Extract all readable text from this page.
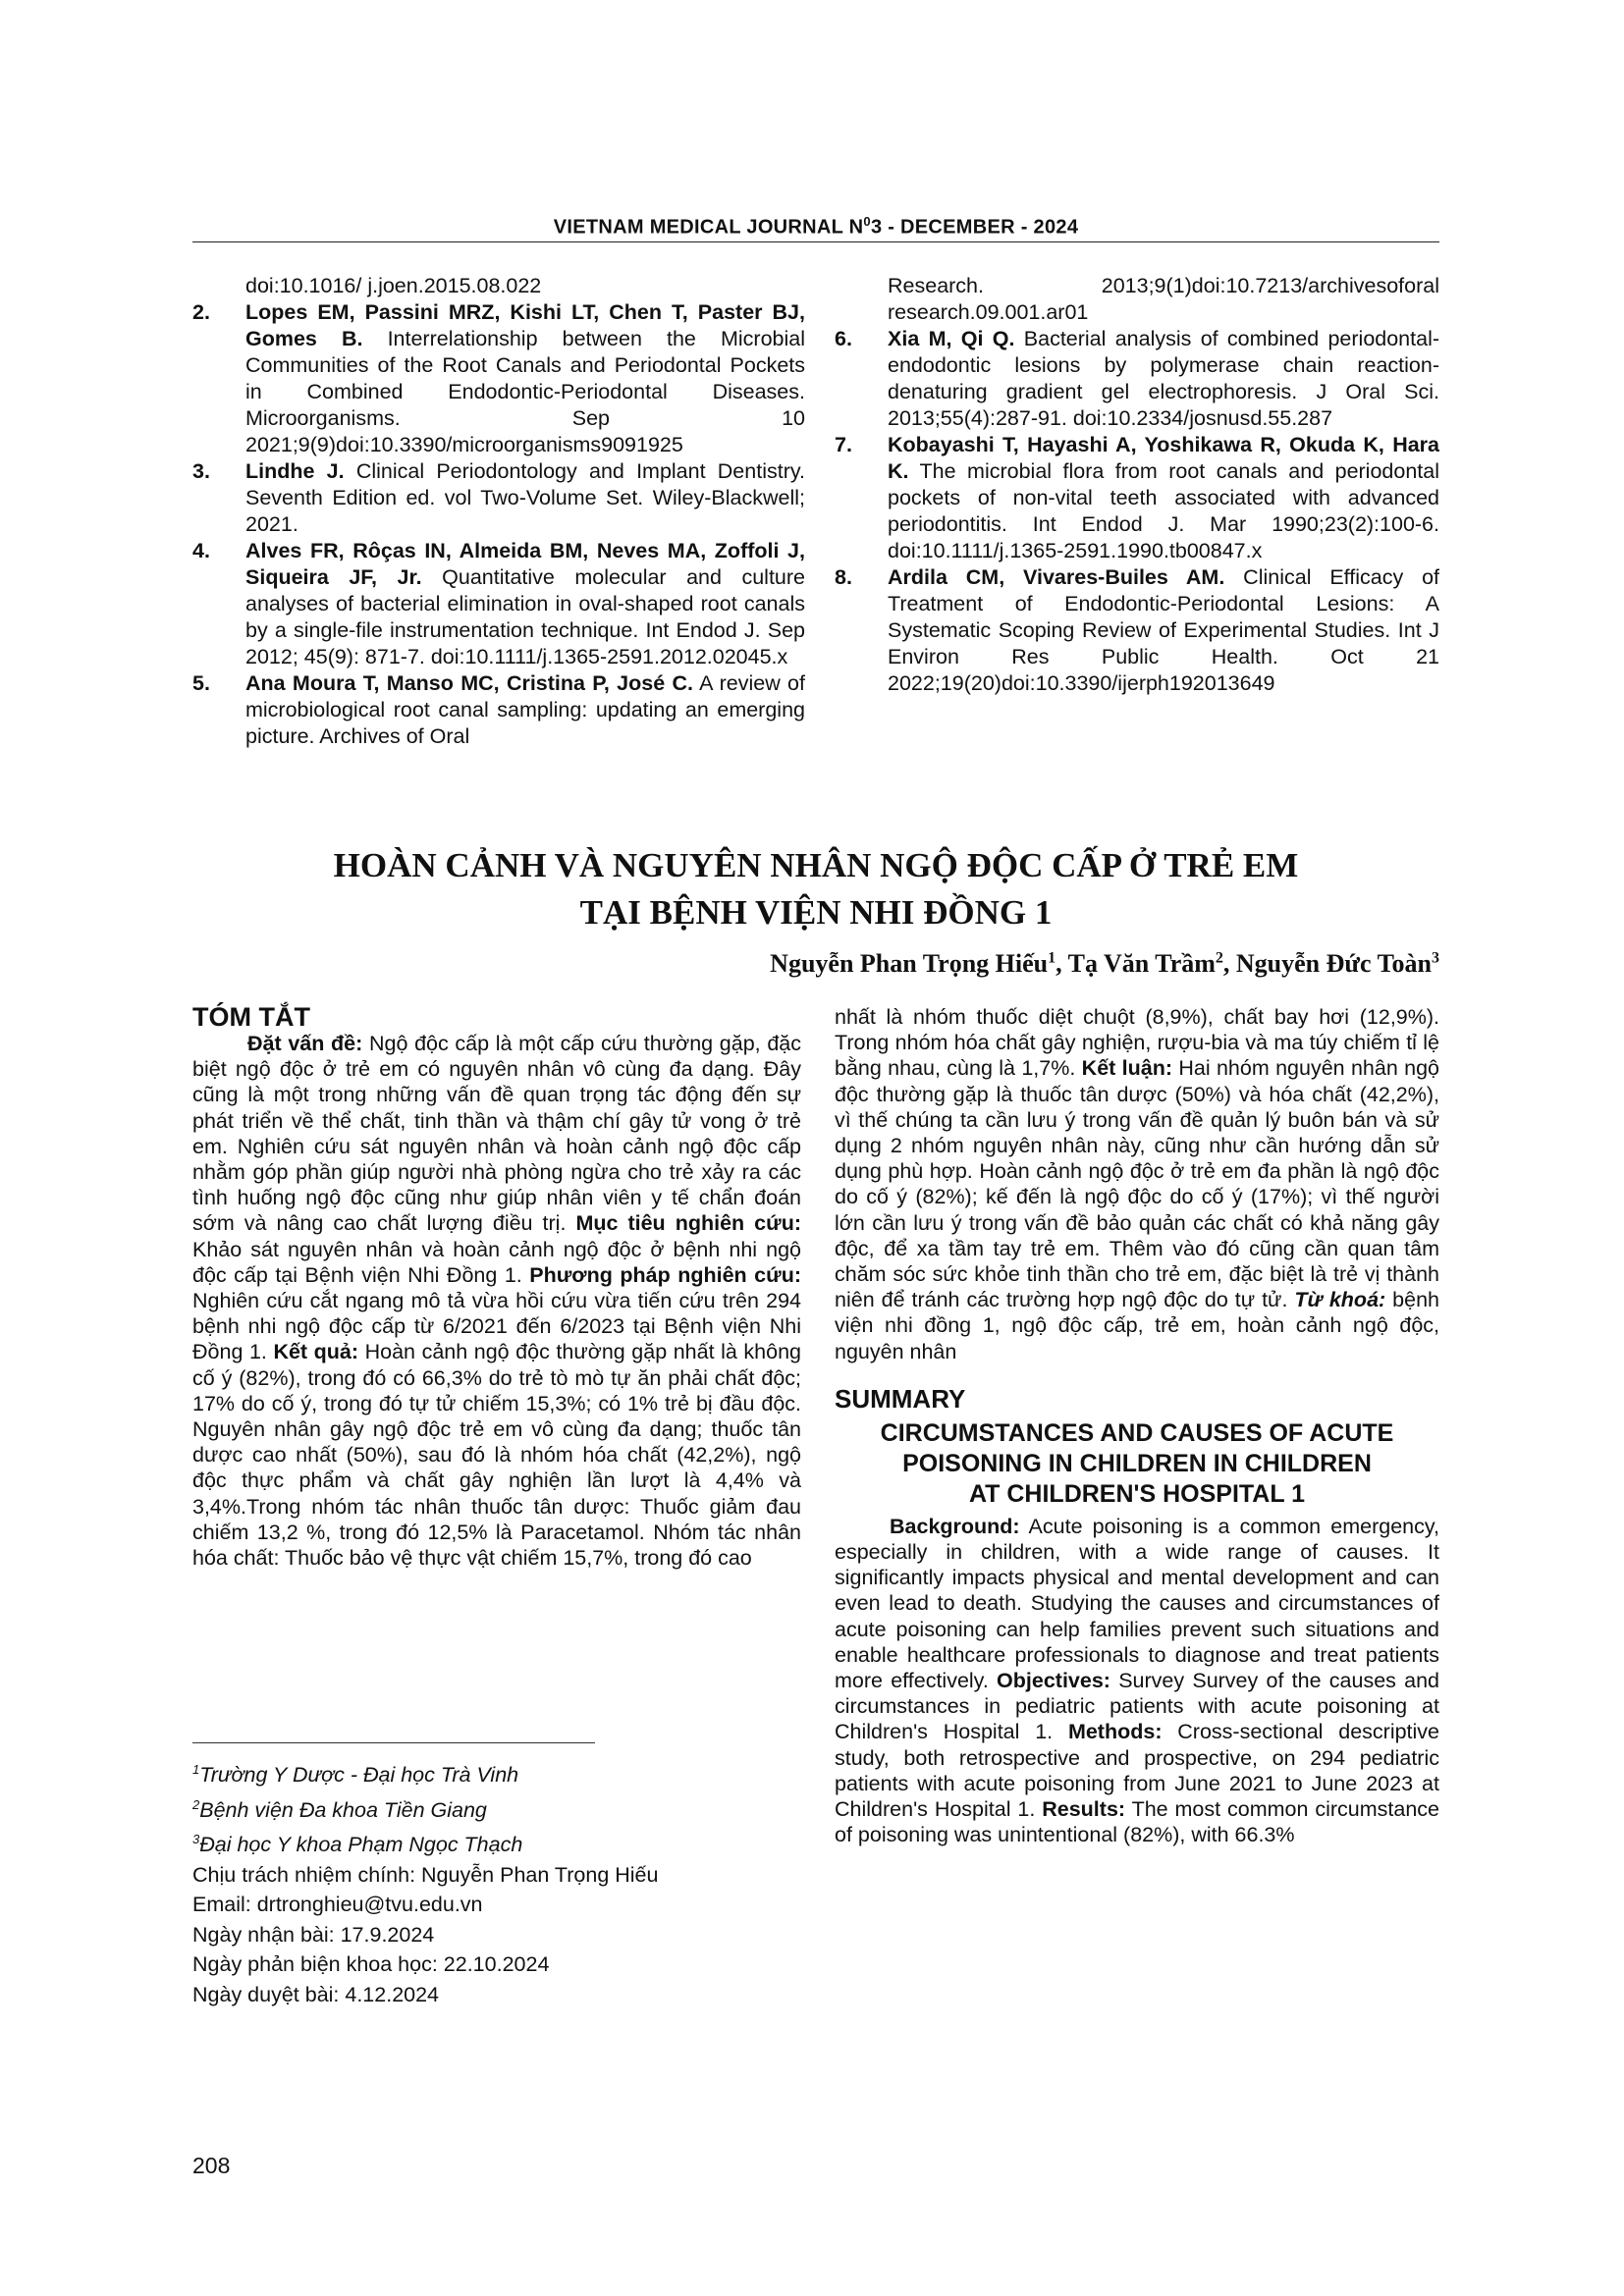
VIETNAM MEDICAL JOURNAL $N^03$ - DECEMBER - 2024

doi:10.1016/ j.joen.2015.08.022

2. Lopes EM, Passini MRZ, Kishi LT, Chen T, Paster BJ, Gomes B. Interrelationship between the Microbial Communities of the Root Canals and Periodontal Pockets in Combined Endodontic-Periodontal Diseases. Microorganisms. Sep 10 2021;9(9)doi:10.3390/microorganisms9091925

3. Lindhe J. Clinical Periodontology and Implant Dentistry. Seventh Edition ed. vol Two-Volume Set. Wiley-Blackwell; 2021.

4. Alves FR, Rôças IN, Almeida BM, Neves MA, Zoffoli J, Siqueira JF, Jr. Quantitative molecular and culture analyses of bacterial elimination in oval-shaped root canals by a single-file instrumentation technique. Int Endod J. Sep 2012; 45(9): 871-7. doi:10.1111/j.1365-2591.2012.02045.x

5. Ana Moura T, Manso MC, Cristina P, José C. A review of microbiological root canal sampling: updating an emerging picture. Archives of Oral

Research. 2013;9(1)doi:10.7213/archivesoforal research.09.001.ar01

6. Xia M, Qi Q. Bacterial analysis of combined periodontal-endodontic lesions by polymerase chain reaction-denaturing gradient gel electrophoresis. J Oral Sci. 2013;55(4):287-91. doi:10.2334/josnusd.55.287

7. Kobayashi T, Hayashi A, Yoshikawa R, Okuda K, Hara K. The microbial flora from root canals and periodontal pockets of non-vital teeth associated with advanced periodontitis. Int Endod J. Mar 1990;23(2):100-6. doi:10.1111/j.1365-2591.1990.tb00847.x

8. Ardila CM, Vivares-Builes AM. Clinical Efficacy of Treatment of Endodontic-Periodontal Lesions: A Systematic Scoping Review of Experimental Studies. Int J Environ Res Public Health. Oct 21 2022;19(20)doi:10.3390/ijerph192013649

HOÀN CẢNH VÀ NGUYÊN NHÂN NGỘ ĐỘC CẤP Ở TRẺ EM
TẠI BỆNH VIỆN NHI ĐỒNG 1
Nguyễn Phan Trọng Hiếu$^1$, Tạ Văn Trầm$^2$, Nguyễn Đức Toàn$^3$

TÓM TẮT

Đặt vấn đề: Ngộ độc cấp là một cấp cứu thường gặp, đặc biệt ngộ độc ở trẻ em có nguyên nhân vô cùng đa dạng. Đây cũng là một trong những vấn đề quan trọng tác động đến sự phát triển về thể chất, tinh thần và thậm chí gây tử vong ở trẻ em. Nghiên cứu sát nguyên nhân và hoàn cảnh ngộ độc cấp nhằm góp phần giúp người nhà phòng ngừa cho trẻ xảy ra các tình huống ngộ độc cũng như giúp nhân viên y tế chẩn đoán sớm và nâng cao chất lượng điều trị. Mục tiêu nghiên cứu: Khảo sát nguyên nhân và hoàn cảnh ngộ độc ở bệnh nhi ngộ độc cấp tại Bệnh viện Nhi Đồng 1. Phương pháp nghiên cứu: Nghiên cứu cắt ngang mô tả vừa hồi cứu vừa tiến cứu trên 294 bệnh nhi ngộ độc cấp từ 6/2021 đến 6/2023 tại Bệnh viện Nhi Đồng 1. Kết quả: Hoàn cảnh ngộ độc thường gặp nhất là không cố ý (82%), trong đó có 66,3% do trẻ tò mò tự ăn phải chất độc; 17% do cố ý, trong đó tự tử chiếm 15,3%; có 1% trẻ bị đầu độc. Nguyên nhân gây ngộ độc trẻ em vô cùng đa dạng; thuốc tân dược cao nhất (50%), sau đó là nhóm hóa chất (42,2%), ngộ độc thực phẩm và chất gây nghiện lần lượt là 4,4% và 3,4%.Trong nhóm tác nhân thuốc tân dược: Thuốc giảm đau chiếm 13,2 %, trong đó 12,5% là Paracetamol. Nhóm tác nhân hóa chất: Thuốc bảo vệ thực vật chiếm 15,7%, trong đó cao

nhất là nhóm thuốc diệt chuột (8,9%), chất bay hơi (12,9%). Trong nhóm hóa chất gây nghiện, rượu-bia và ma túy chiếm tỉ lệ bằng nhau, cùng là 1,7%. Kết luận: Hai nhóm nguyên nhân ngộ độc thường gặp là thuốc tân dược (50%) và hóa chất (42,2%), vì thế chúng ta cần lưu ý trong vấn đề quản lý buôn bán và sử dụng 2 nhóm nguyên nhân này, cũng như cần hướng dẫn sử dụng phù hợp. Hoàn cảnh ngộ độc ở trẻ em đa phần là ngộ độc do cố ý (82%); kế đến là ngộ độc do cố ý (17%); vì thế người lớn cần lưu ý trong vấn đề bảo quản các chất có khả năng gây độc, để xa tầm tay trẻ em. Thêm vào đó cũng cần quan tâm chăm sóc sức khỏe tinh thần cho trẻ em, đặc biệt là trẻ vị thành niên để tránh các trường hợp ngộ độc do tự tử. Từ khoá: bệnh viện nhi đồng 1, ngộ độc cấp, trẻ em, hoàn cảnh ngộ độc, nguyên nhân

SUMMARY

CIRCUMSTANCES AND CAUSES OF ACUTE
POISONING IN CHILDREN IN CHILDREN
AT CHILDREN'S HOSPITAL 1

Background: Acute poisoning is a common emergency, especially in children, with a wide range of causes. It significantly impacts physical and mental development and can even lead to death. Studying the causes and circumstances of acute poisoning can help families prevent such situations and enable healthcare professionals to diagnose and treat patients more effectively. Objectives: Survey Survey of the causes and circumstances in pediatric patients with acute poisoning at Children's Hospital 1. Methods: Cross-sectional descriptive study, both retrospective and prospective, on 294 pediatric patients with acute poisoning from June 2021 to June 2023 at Children's Hospital 1. Results: The most common circumstance of poisoning was unintentional (82%), with 66.3%

$^1$Trường Y Dược - Đại học Trà Vinh
$^2$Bệnh viện Đa khoa Tiền Giang
$^3$Đại học Y khoa Phạm Ngọc Thạch
Chịu trách nhiệm chính: Nguyễn Phan Trọng Hiếu
Email: drtronghieu@tvu.edu.vn
Ngày nhận bài: 17.9.2024
Ngày phản biện khoa học: 22.10.2024
Ngày duyệt bài: 4.12.2024
208
